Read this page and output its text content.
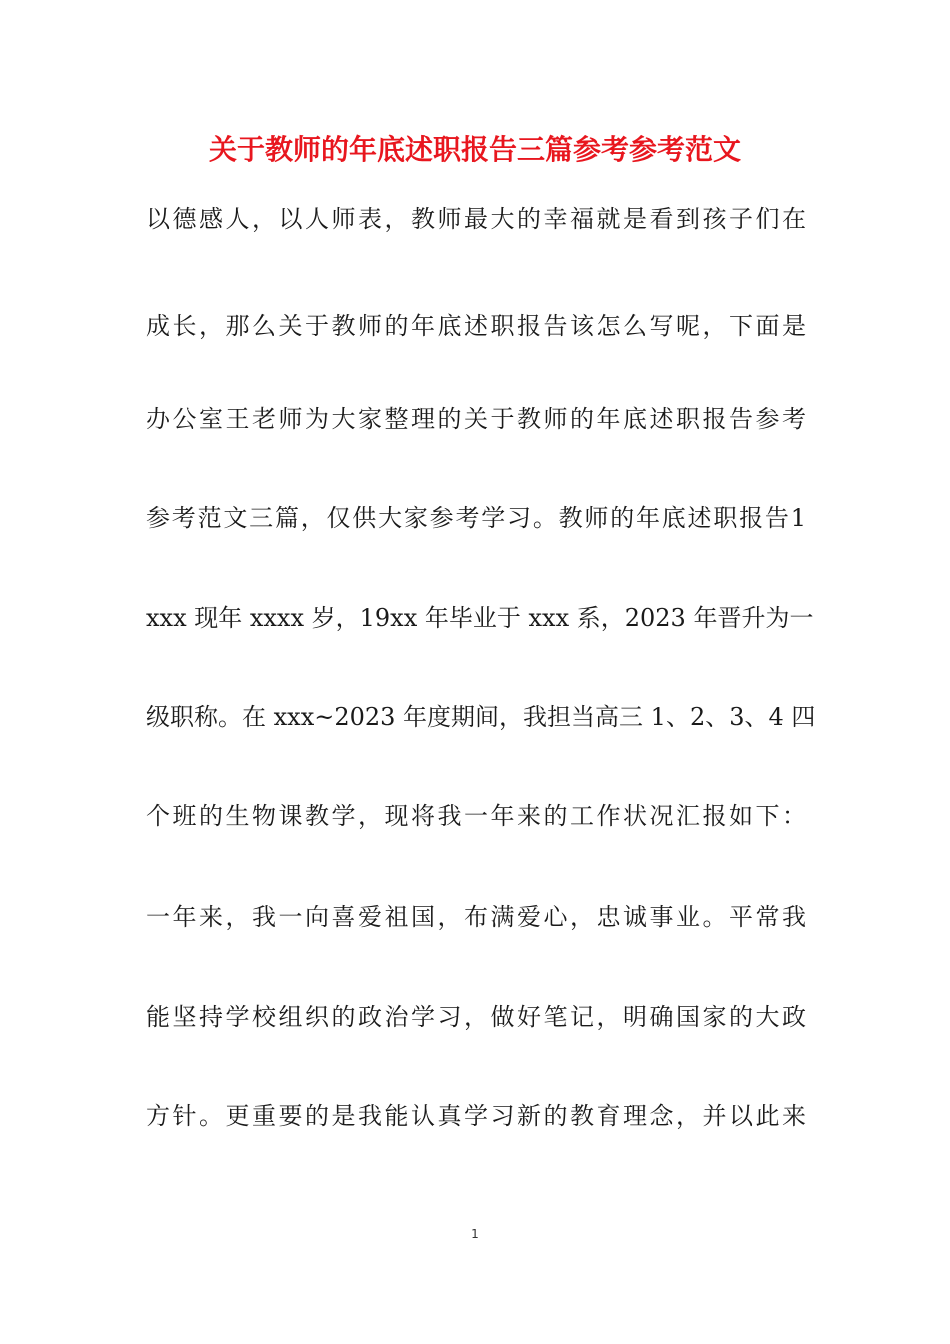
关于教师的年底述职报告三篇参考参考范文
以德感人，以人师表，教师最大的幸福就是看到孩子们在
成长，那么关于教师的年底述职报告该怎么写呢，下面是
办公室王老师为大家整理的关于教师的年底述职报告参考
参考范文三篇，仅供大家参考学习。教师的年底述职报告1
xxx 现年 xxxx 岁，19xx 年毕业于 xxx 系，2023 年晋升为一
级职称。在 xxx~2023 年度期间，我担当高三 1、2、3、4 四
个班的生物课教学，现将我一年来的工作状况汇报如下：
一年来，我一向喜爱祖国，布满爱心，忠诚事业。平常我
能坚持学校组织的政治学习，做好笔记，明确国家的大政
方针。更重要的是我能认真学习新的教育理念，并以此来
1
